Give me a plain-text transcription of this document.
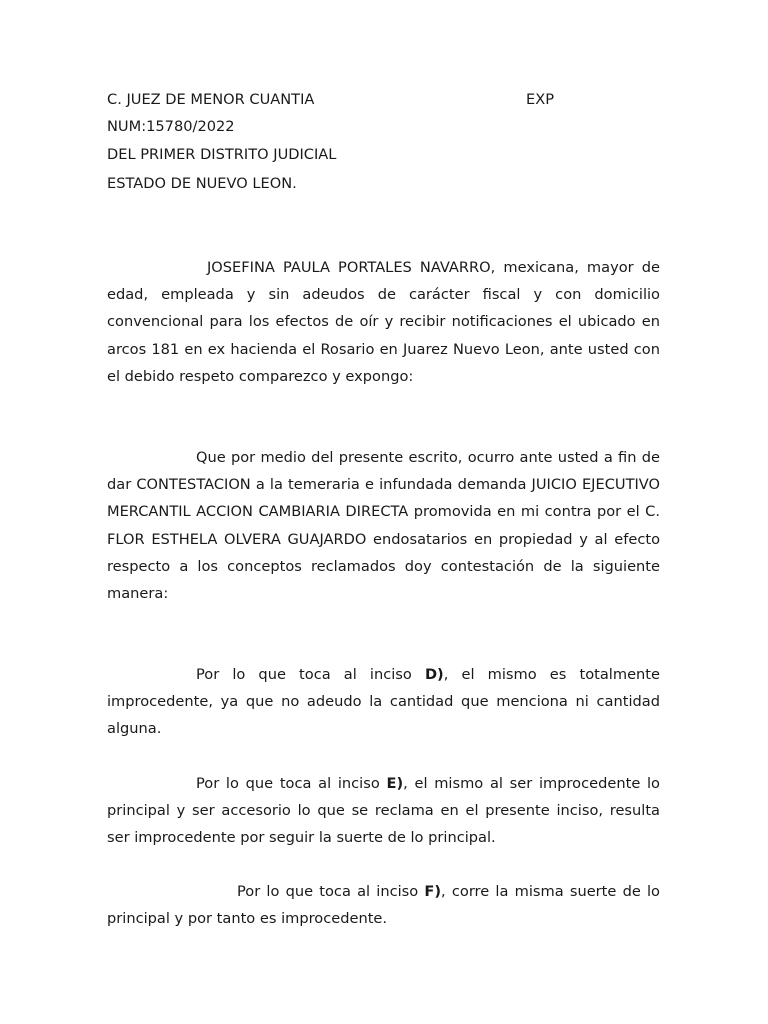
C. JUEZ DE MENOR CUANTIA	EXP
NUM:15780/2022
DEL PRIMER DISTRITO JUDICIAL
ESTADO DE NUEVO LEON.
JOSEFINA PAULA PORTALES NAVARRO, mexicana, mayor de edad, empleada y sin adeudos de carácter fiscal y con domicilio convencional para los efectos de oír y recibir notificaciones el ubicado en arcos 181 en ex hacienda el Rosario en Juarez Nuevo Leon, ante usted con el debido respeto comparezco y expongo:
Que por medio del presente escrito, ocurro ante usted a fin de dar CONTESTACION a la temeraria e infundada demanda JUICIO EJECUTIVO MERCANTIL ACCION CAMBIARIA DIRECTA promovida en mi contra por el C. FLOR ESTHELA OLVERA GUAJARDO endosatarios en propiedad y al efecto respecto a los conceptos reclamados doy contestación de la siguiente manera:
Por lo que toca al inciso D), el mismo es totalmente improcedente, ya que no adeudo la cantidad que menciona ni cantidad alguna.
Por lo que toca al inciso E), el mismo al ser improcedente lo principal y ser accesorio lo que se reclama en el presente inciso, resulta ser improcedente por seguir la suerte de lo principal.
Por lo que toca al inciso F), corre la misma suerte de lo principal y por tanto es improcedente.
